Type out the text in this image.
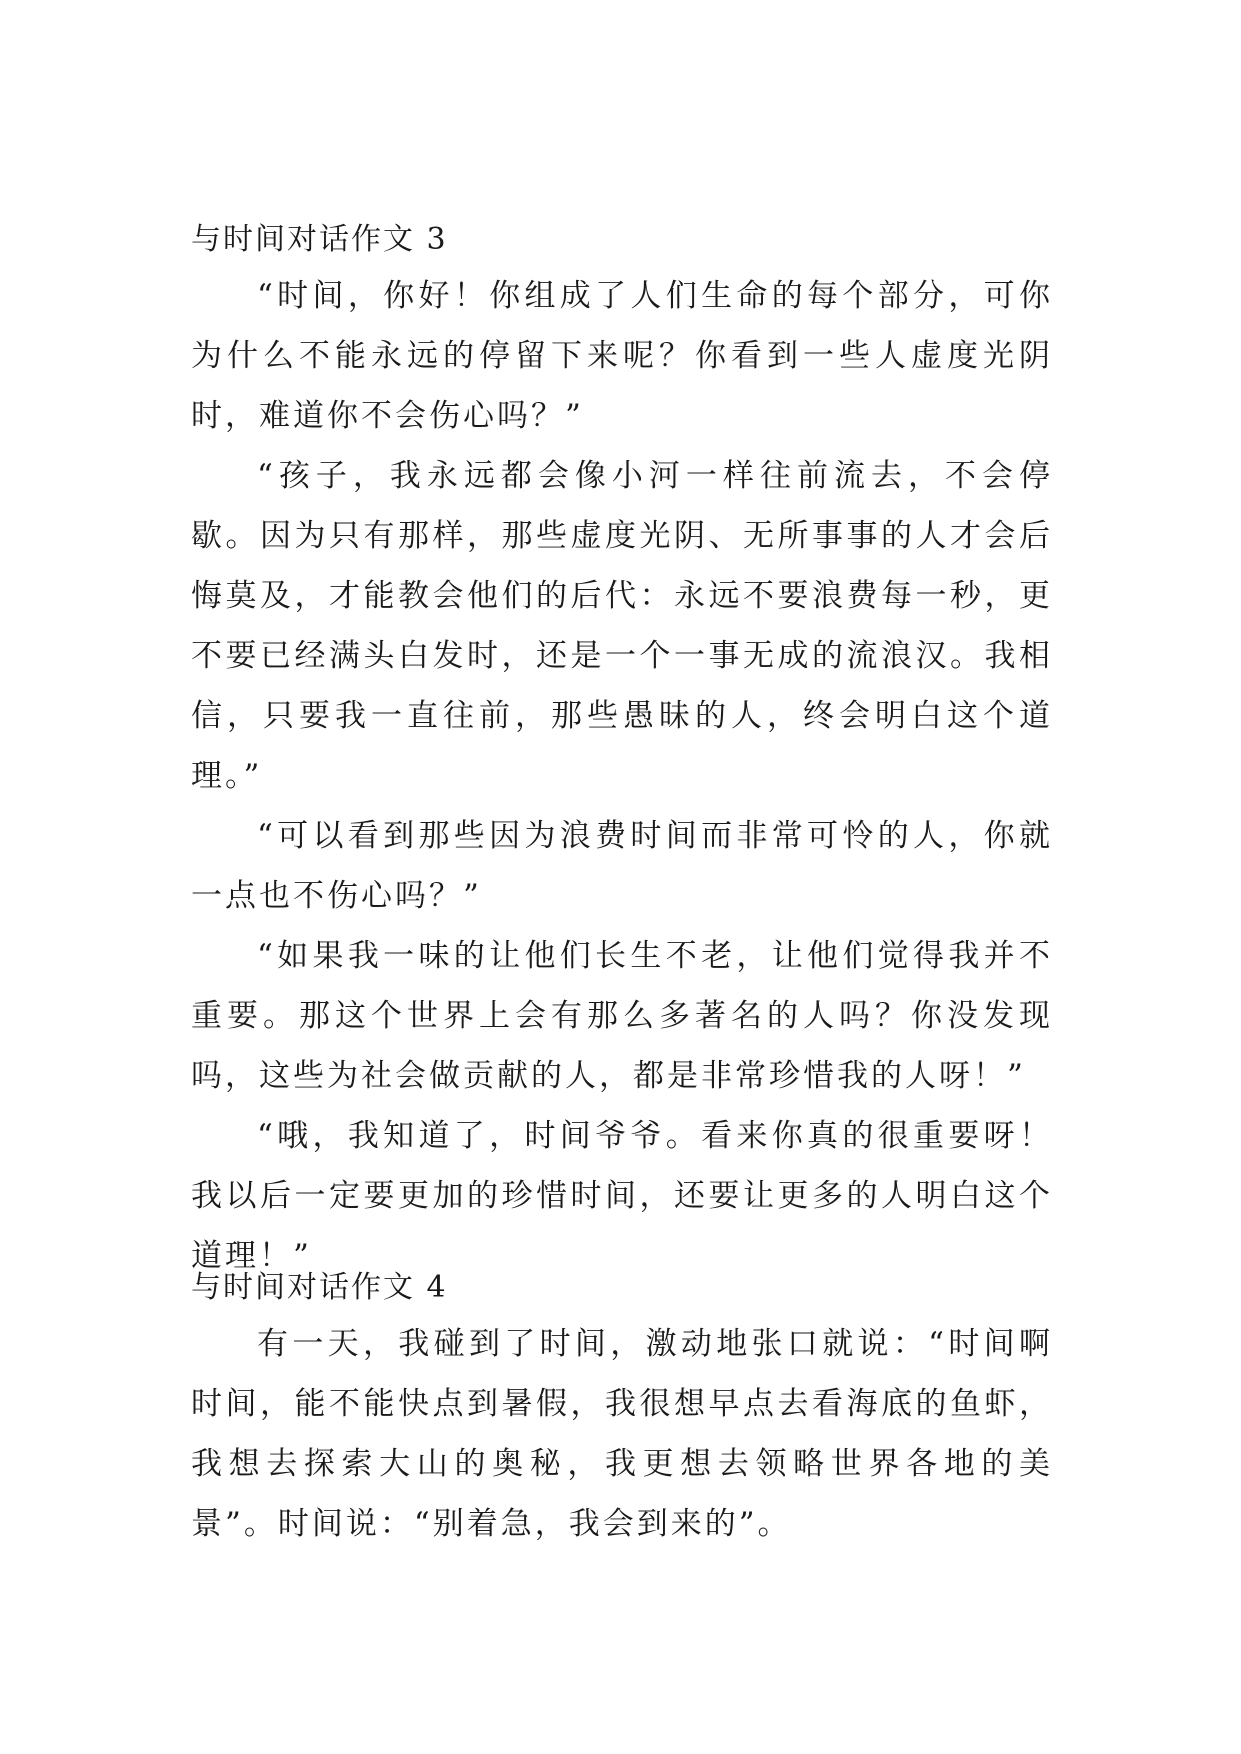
与时间对话作文 3

“时间，你好！你组成了人们生命的每个部分，可你为什么不能永远的停留下来呢？你看到一些人虚度光阴时，难道你不会伤心吗？”

“孩子，我永远都会像小河一样往前流去，不会停歇。因为只有那样，那些虚度光阴、无所事事的人才会后悔莫及，才能教会他们的后代：永远不要浪费每一秒，更不要已经满头白发时，还是一个一事无成的流浪汉。我相信，只要我一直往前，那些愚昧的人，终会明白这个道理。”

“可以看到那些因为浪费时间而非常可怜的人，你就一点也不伤心吗？”

“如果我一味的让他们长生不老，让他们觉得我并不重要。那这个世界上会有那么多著名的人吗？你没发现吗，这些为社会做贡献的人，都是非常珍惜我的人呀！”

“哦，我知道了，时间爷爷。看来你真的很重要呀！我以后一定要更加的珍惜时间，还要让更多的人明白这个道理！”

与时间对话作文 4

有一天，我碰到了时间，激动地张口就说：“时间啊时间，能不能快点到暑假，我很想早点去看海底的鱼虾，我想去探索大山的奥秘，我更想去领略世界各地的美景”。时间说：“别着急，我会到来的”。
